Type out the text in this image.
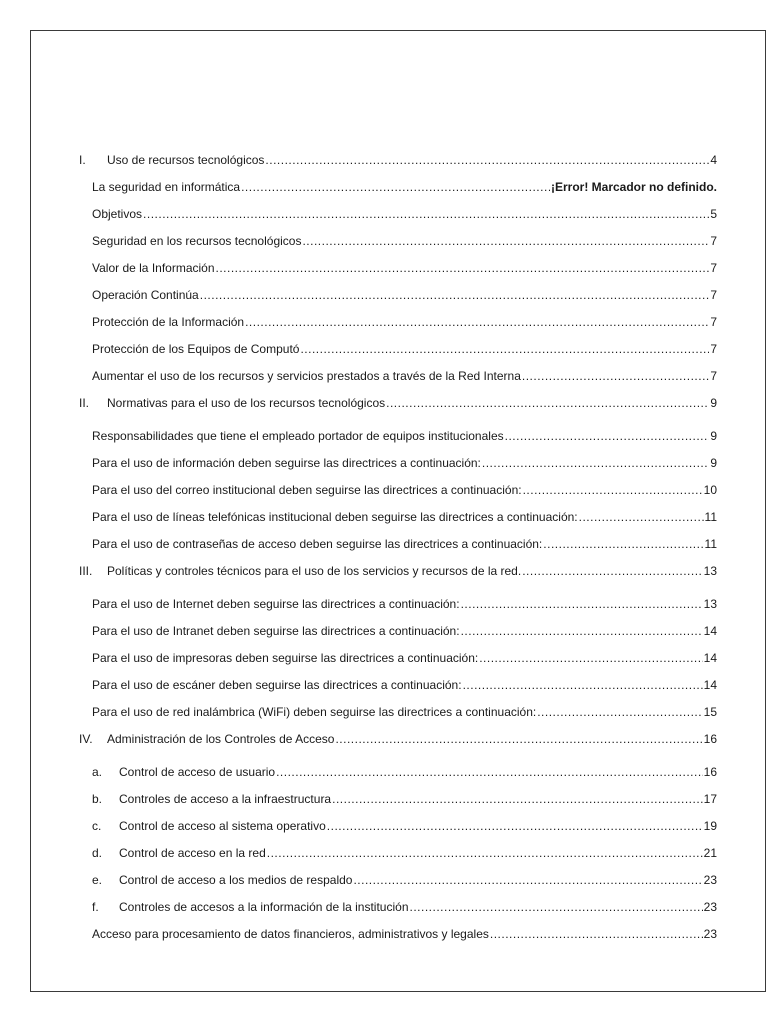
I.	Uso de recursos tecnológicos .....	4
La seguridad en informática .....	¡Error! Marcador no definido.
Objetivos .....	5
Seguridad en los recursos tecnológicos .....	7
Valor de la Información .....	7
Operación Continúa .....	7
Protección de la Información .....	7
Protección de los Equipos de Computó .....	7
Aumentar el uso de los recursos y servicios prestados a través de la Red Interna .....	7
II.	Normativas para el uso de los recursos tecnológicos .....	9
Responsabilidades que tiene el empleado portador de equipos institucionales .....	9
Para el uso de información deben seguirse las directrices a continuación: .....	9
Para el uso del correo institucional deben seguirse las directrices a continuación: .....	10
Para el uso de líneas telefónicas institucional deben seguirse las directrices a continuación: .....	11
Para el uso de contraseñas de acceso deben seguirse las directrices a continuación: .....	11
III.	Políticas y controles técnicos para el uso de los servicios y recursos de la red. .....	13
Para el uso de Internet deben seguirse las directrices a continuación: .....	13
Para el uso de Intranet deben seguirse las directrices a continuación: .....	14
Para el uso de impresoras deben seguirse las directrices a continuación: .....	14
Para el uso de escáner deben seguirse las directrices a continuación: .....	14
Para el uso de red inalámbrica (WiFi) deben seguirse las directrices a continuación: .....	15
IV.	Administración de los Controles de Acceso .....	16
a.	Control de acceso de usuario .....	16
b.	Controles de acceso a la infraestructura .....	17
c.	Control de acceso al sistema operativo .....	19
d.	Control de acceso en la red .....	21
e.	Control de acceso a los medios de respaldo .....	23
f.	Controles de accesos a la información de la institución .....	23
Acceso para procesamiento de datos financieros, administrativos y legales .....	23
